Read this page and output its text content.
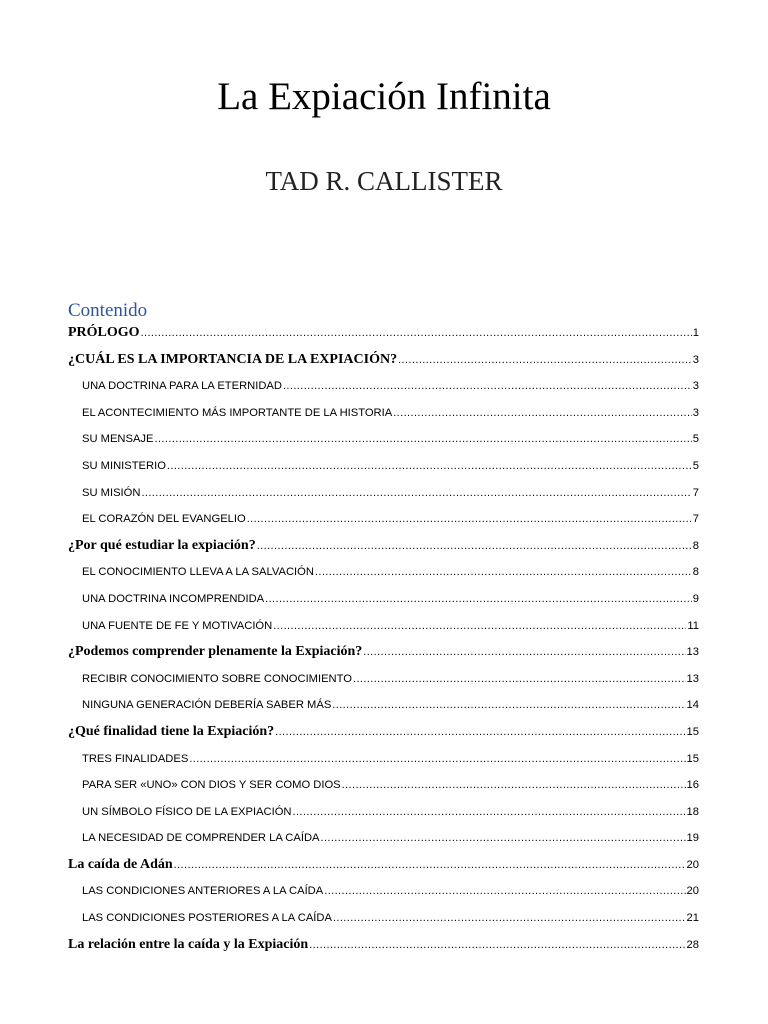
La Expiación Infinita
TAD R. CALLISTER
Contenido
PRÓLOGO .....	1
¿CUÁL ES LA IMPORTANCIA DE LA EXPIACIÓN? .....	3
UNA DOCTRINA PARA LA ETERNIDAD .....	3
EL ACONTECIMIENTO MÁS IMPORTANTE DE LA HISTORIA .....	3
SU MENSAJE .....	5
SU MINISTERIO .....	5
SU MISIÓN .....	7
EL CORAZÓN DEL EVANGELIO .....	7
¿Por qué estudiar la expiación? .....	8
EL CONOCIMIENTO LLEVA A LA SALVACIÓN .....	8
UNA DOCTRINA INCOMPRENDIDA .....	9
UNA FUENTE DE FE Y MOTIVACIÓN .....	11
¿Podemos comprender plenamente la Expiación? .....	13
RECIBIR CONOCIMIENTO SOBRE CONOCIMIENTO .....	13
NINGUNA GENERACIÓN DEBERÍA SABER MÁS .....	14
¿Qué finalidad tiene la Expiación? .....	15
TRES FINALIDADES .....	15
PARA SER «UNO» CON DIOS Y SER COMO DIOS .....	16
UN SÍMBOLO FÍSICO DE LA EXPIACIÓN .....	18
LA NECESIDAD DE COMPRENDER LA CAÍDA .....	19
La caída de Adán .....	20
LAS CONDICIONES ANTERIORES A LA CAÍDA .....	20
LAS CONDICIONES POSTERIORES A LA CAÍDA .....	21
La relación entre la caída y la Expiación .....	28
